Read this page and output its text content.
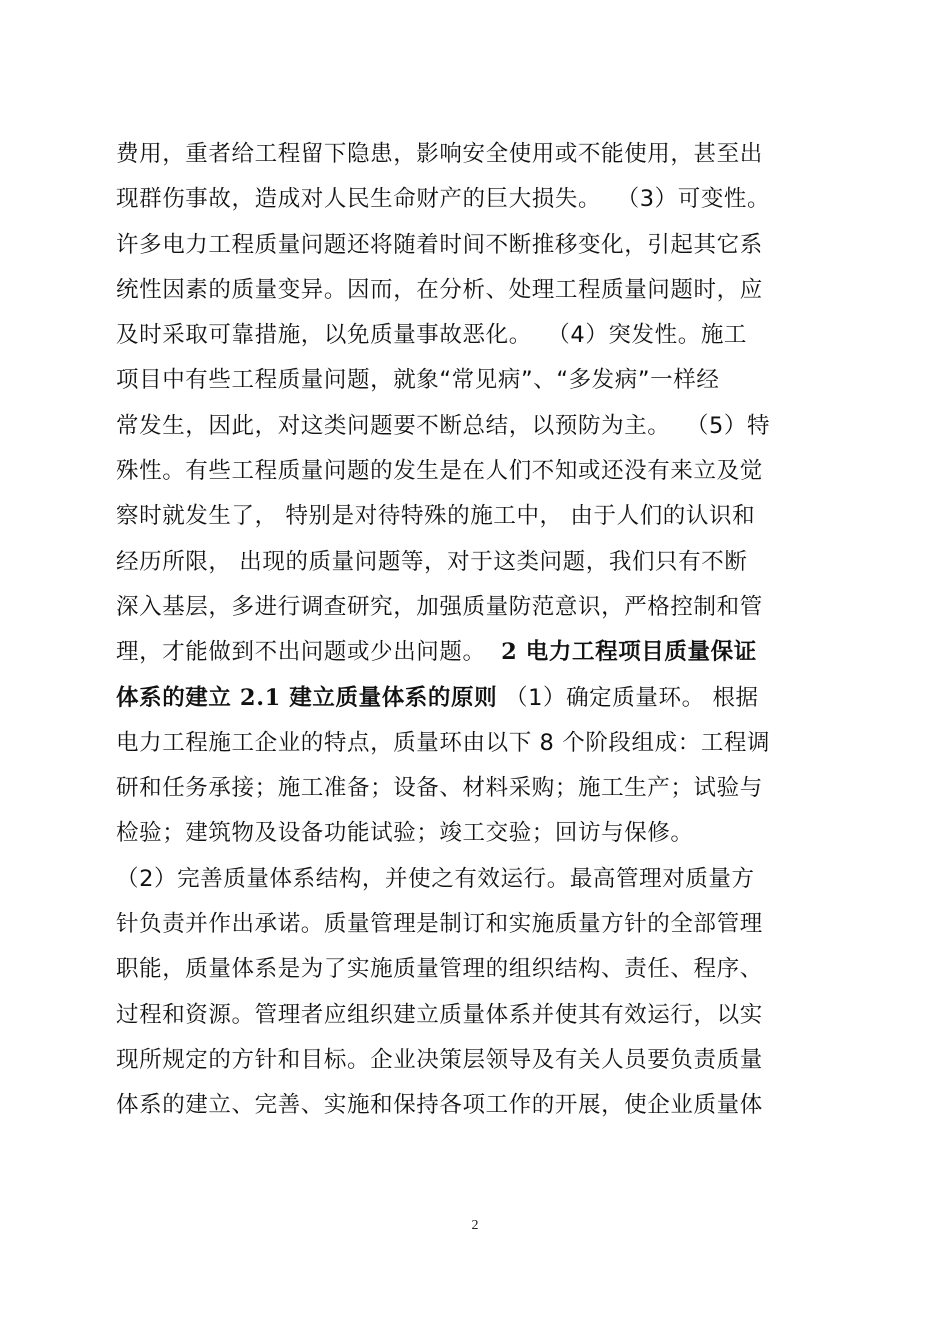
费用，重者给工程留下隐患，影响安全使用或不能使用，甚至出
现群伤事故，造成对人民生命财产的巨大损失。  （3）可变性。
许多电力工程质量问题还将随着时间不断推移变化，引起其它系
统性因素的质量变异。因而，在分析、处理工程质量问题时，应
及时采取可靠措施，以免质量事故恶化。  （4）突发性。施工
项目中有些工程质量问题，就象“常见病”、“多发病”一样经
常发生，因此，对这类问题要不断总结，以预防为主。  （5）特
殊性。有些工程质量问题的发生是在人们不知或还没有来立及觉
察时就发生了， 特别是对待特殊的施工中， 由于人们的认识和
经历所限， 出现的质量问题等，对于这类问题，我们只有不断
深入基层，多进行调查研究，加强质量防范意识，严格控制和管
理，才能做到不出问题或少出问题。  2 电力工程项目质量保证
体系的建立 2.1 建立质量体系的原则 （1）确定质量环。 根据
电力工程施工企业的特点，质量环由以下 8 个阶段组成：工程调
研和任务承接；施工准备；设备、材料采购；施工生产；试验与
检验；建筑物及设备功能试验；竣工交验；回访与保修。
（2）完善质量体系结构，并使之有效运行。最高管理对质量方
针负责并作出承诺。质量管理是制订和实施质量方针的全部管理
职能，质量体系是为了实施质量管理的组织结构、责任、程序、
过程和资源。管理者应组织建立质量体系并使其有效运行，以实
现所规定的方针和目标。企业决策层领导及有关人员要负责质量
体系的建立、完善、实施和保持各项工作的开展，使企业质量体
2
